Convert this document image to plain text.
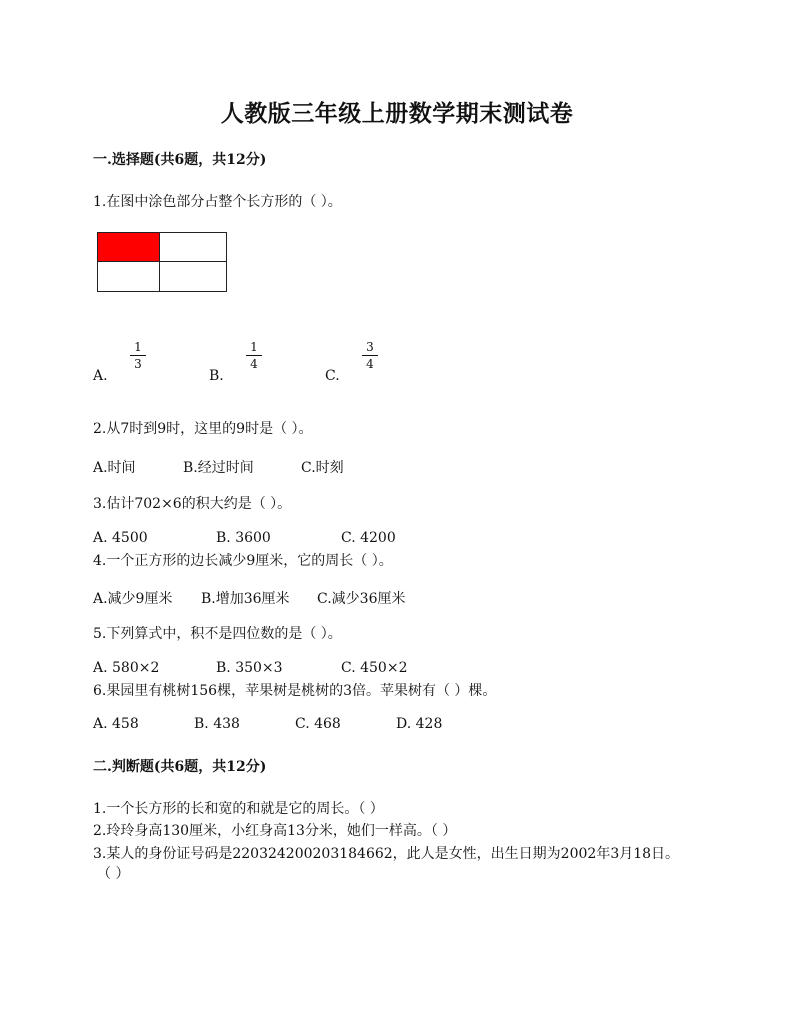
人教版三年级上册数学期末测试卷
一.选择题(共6题，共12分)
1.在图中涂色部分占整个长方形的（ ）。
A.
1
3
B.
1
4
C.
3
4
2.从7时到9时，这里的9时是（ ）。
A.时间	B.经过时间	C.时刻
3.估计702×6的积大约是（ ）。
A. 4500	B. 3600	C. 4200
4.一个正方形的边长减少9厘米，它的周长（ ）。
A.减少9厘米 B.增加36厘米 C.减少36厘米
5.下列算式中，积不是四位数的是（ ）。
A. 580×2	B. 350×3	C. 450×2
6.果园里有桃树156棵，苹果树是桃树的3倍。苹果树有（ ）棵。
A. 458	B. 438	C. 468	D. 428
二.判断题(共6题，共12分)
1.一个长方形的长和宽的和就是它的周长。（ ）
2.玲玲身高130厘米，小红身高13分米，她们一样高。（ ）
3.某人的身份证号码是220324200203184662，此人是女性，出生日期为2002年3月18日。
（ ）
